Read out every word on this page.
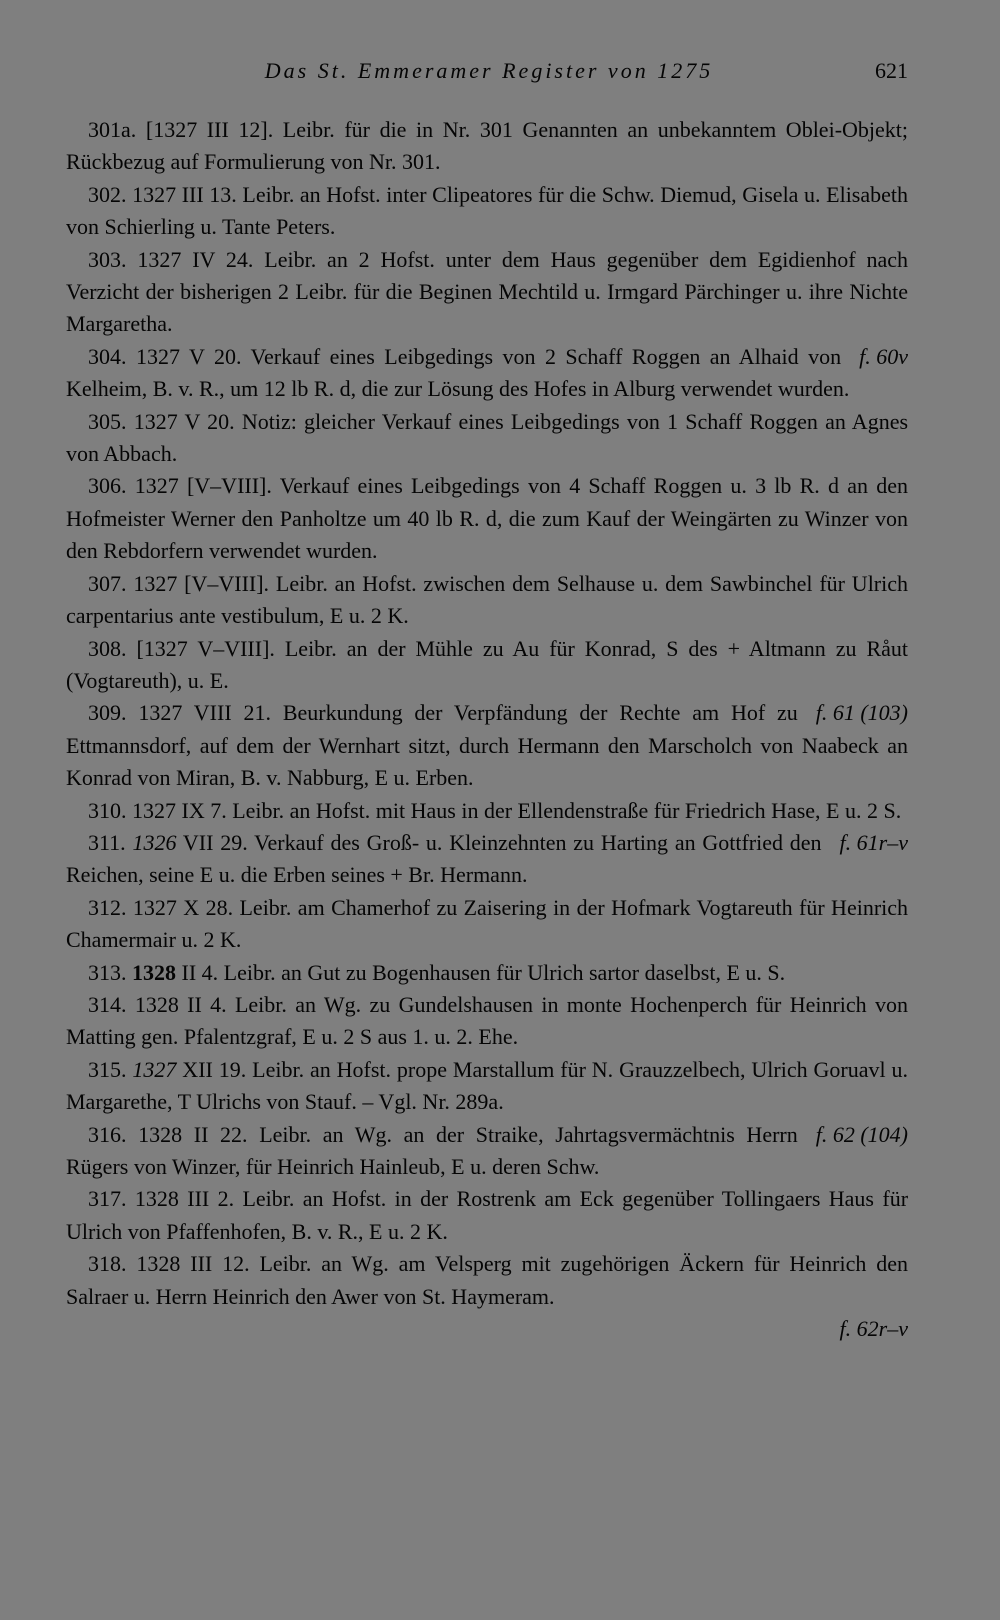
Das St. Emmeramer Register von 1275	621

301a. [1327 III 12]. Leibr. für die in Nr. 301 Genannten an unbekanntem Oblei-Objekt; Rückbezug auf Formulierung von Nr. 301.

302. 1327 III 13. Leibr. an Hofst. inter Clipeatores für die Schw. Diemud, Gisela u. Elisabeth von Schierling u. Tante Peters.

303. 1327 IV 24. Leibr. an 2 Hofst. unter dem Haus gegenüber dem Egidienhof nach Verzicht der bisherigen 2 Leibr. für die Beginen Mechtild u. Irmgard Pärchinger u. ihre Nichte Margaretha.

f. 60v
304. 1327 V 20. Verkauf eines Leibgedings von 2 Schaff Roggen an Alhaid von Kelheim, B. v. R., um 12 lb R. d, die zur Lösung des Hofes in Alburg verwendet wurden.

305. 1327 V 20. Notiz: gleicher Verkauf eines Leibgedings von 1 Schaff Roggen an Agnes von Abbach.

306. 1327 [V–VIII]. Verkauf eines Leibgedings von 4 Schaff Roggen u. 3 lb R. d an den Hofmeister Werner den Panholtze um 40 lb R. d, die zum Kauf der Weingärten zu Winzer von den Rebdorfern verwendet wurden.

307. 1327 [V–VIII]. Leibr. an Hofst. zwischen dem Selhause u. dem Sawbinchel für Ulrich carpentarius ante vestibulum, E u. 2 K.

308. [1327 V–VIII]. Leibr. an der Mühle zu Au für Konrad, S des + Altmann zu Råut (Vogtareuth), u. E.

f. 61 (103)
309. 1327 VIII 21. Beurkundung der Verpfändung der Rechte am Hof zu Ettmannsdorf, auf dem der Wernhart sitzt, durch Hermann den Marscholch von Naabeck an Konrad von Miran, B. v. Nabburg, E u. Erben.

310. 1327 IX 7. Leibr. an Hofst. mit Haus in der Ellendenstraße für Friedrich Hase, E u. 2 S.

f. 61r–v
311. 1326 VII 29. Verkauf des Groß- u. Kleinzehnten zu Harting an Gottfried den Reichen, seine E u. die Erben seines + Br. Hermann.

312. 1327 X 28. Leibr. am Chamerhof zu Zaisering in der Hofmark Vogtareuth für Heinrich Chamermair u. 2 K.

313. 1328 II 4. Leibr. an Gut zu Bogenhausen für Ulrich sartor daselbst, E u. S.

314. 1328 II 4. Leibr. an Wg. zu Gundelshausen in monte Hochenperch für Heinrich von Matting gen. Pfalentzgraf, E u. 2 S aus 1. u. 2. Ehe.

315. 1327 XII 19. Leibr. an Hofst. prope Marstallum für N. Grauzzelbech, Ulrich Goruavl u. Margarethe, T Ulrichs von Stauf. – Vgl. Nr. 289a.

f. 62 (104)
316. 1328 II 22. Leibr. an Wg. an der Straike, Jahrtagsvermächtnis Herrn Rügers von Winzer, für Heinrich Hainleub, E u. deren Schw.

317. 1328 III 2. Leibr. an Hofst. in der Rostrenk am Eck gegenüber Tollingaers Haus für Ulrich von Pfaffenhofen, B. v. R., E u. 2 K.

318. 1328 III 12. Leibr. an Wg. am Velsperg mit zugehörigen Äckern für Heinrich den Salraer u. Herrn Heinrich den Awer von St. Haymeram.
f. 62r–v
